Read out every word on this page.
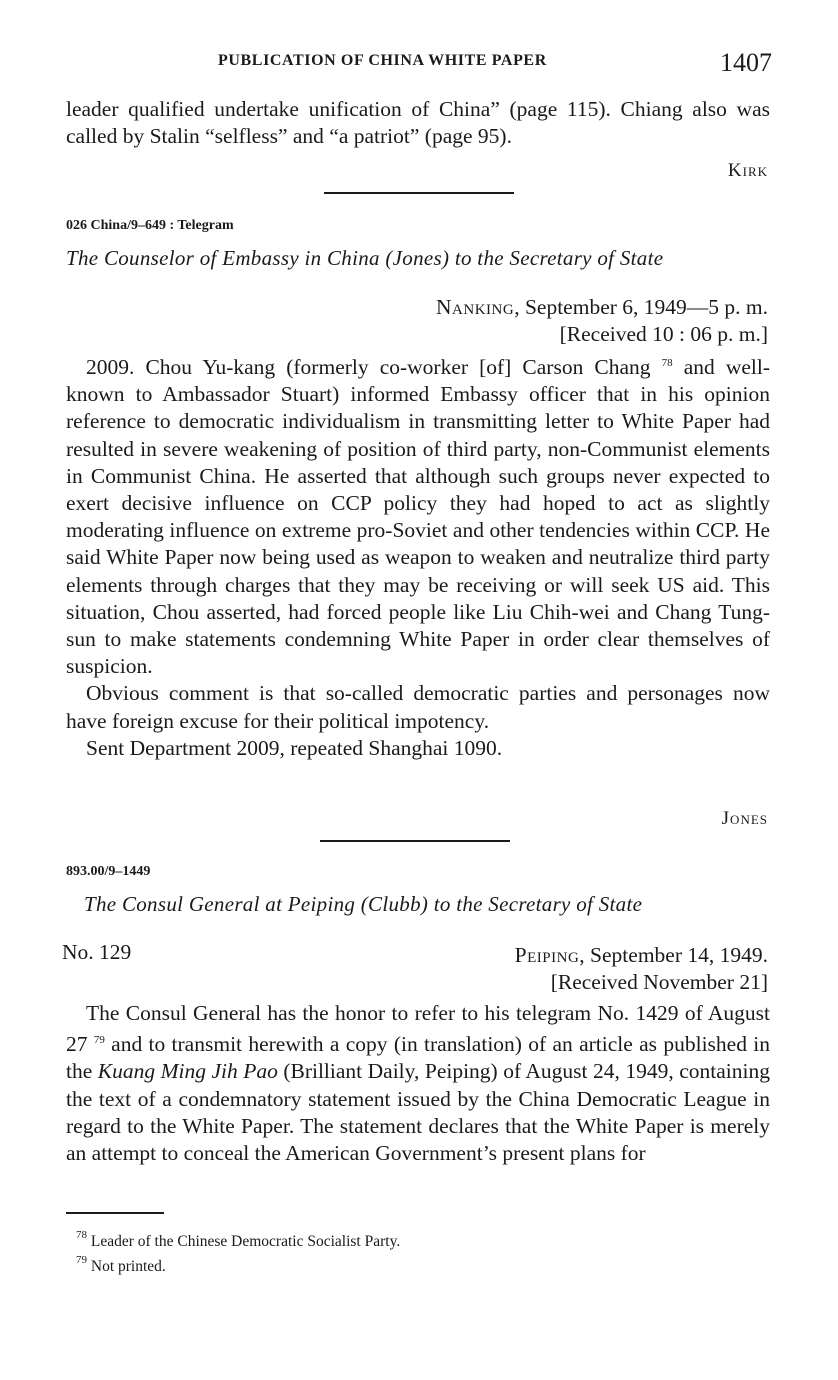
PUBLICATION OF CHINA WHITE PAPER	1407

leader qualified undertake unification of China” (page 115). Chiang also was called by Stalin “selfless” and “a patriot” (page 95).

Kirk
026 China/9–649 : Telegram
The Counselor of Embassy in China (Jones) to the Secretary of State
Nanking, September 6, 1949—5 p. m.
[Received 10 : 06 p. m.]

2009. Chou Yu-kang (formerly co-worker [of] Carson Chang $^{78}$ and well-known to Ambassador Stuart) informed Embassy officer that in his opinion reference to democratic individualism in transmitting letter to White Paper had resulted in severe weakening of position of third party, non-Communist elements in Communist China. He asserted that although such groups never expected to exert decisive influence on CCP policy they had hoped to act as slightly moderating influence on extreme pro-Soviet and other tendencies within CCP. He said White Paper now being used as weapon to weaken and neutralize third party elements through charges that they may be receiving or will seek US aid. This situation, Chou asserted, had forced people like Liu Chih-wei and Chang Tung-sun to make statements condemning White Paper in order clear themselves of suspicion.

Obvious comment is that so-called democratic parties and personages now have foreign excuse for their political impotency.

Sent Department 2009, repeated Shanghai 1090.

Jones
893.00/9–1449
The Consul General at Peiping (Clubb) to the Secretary of State
No. 129	Peiping, September 14, 1949.
[Received November 21]

The Consul General has the honor to refer to his telegram No. 1429 of August 27 $^{79}$ and to transmit herewith a copy (in translation) of an article as published in the Kuang Ming Jih Pao (Brilliant Daily, Peiping) of August 24, 1949, containing the text of a condemnatory statement issued by the China Democratic League in regard to the White Paper. The statement declares that the White Paper is merely an attempt to conceal the American Government’s present plans for

$^{78}$ Leader of the Chinese Democratic Socialist Party.
$^{79}$ Not printed.
